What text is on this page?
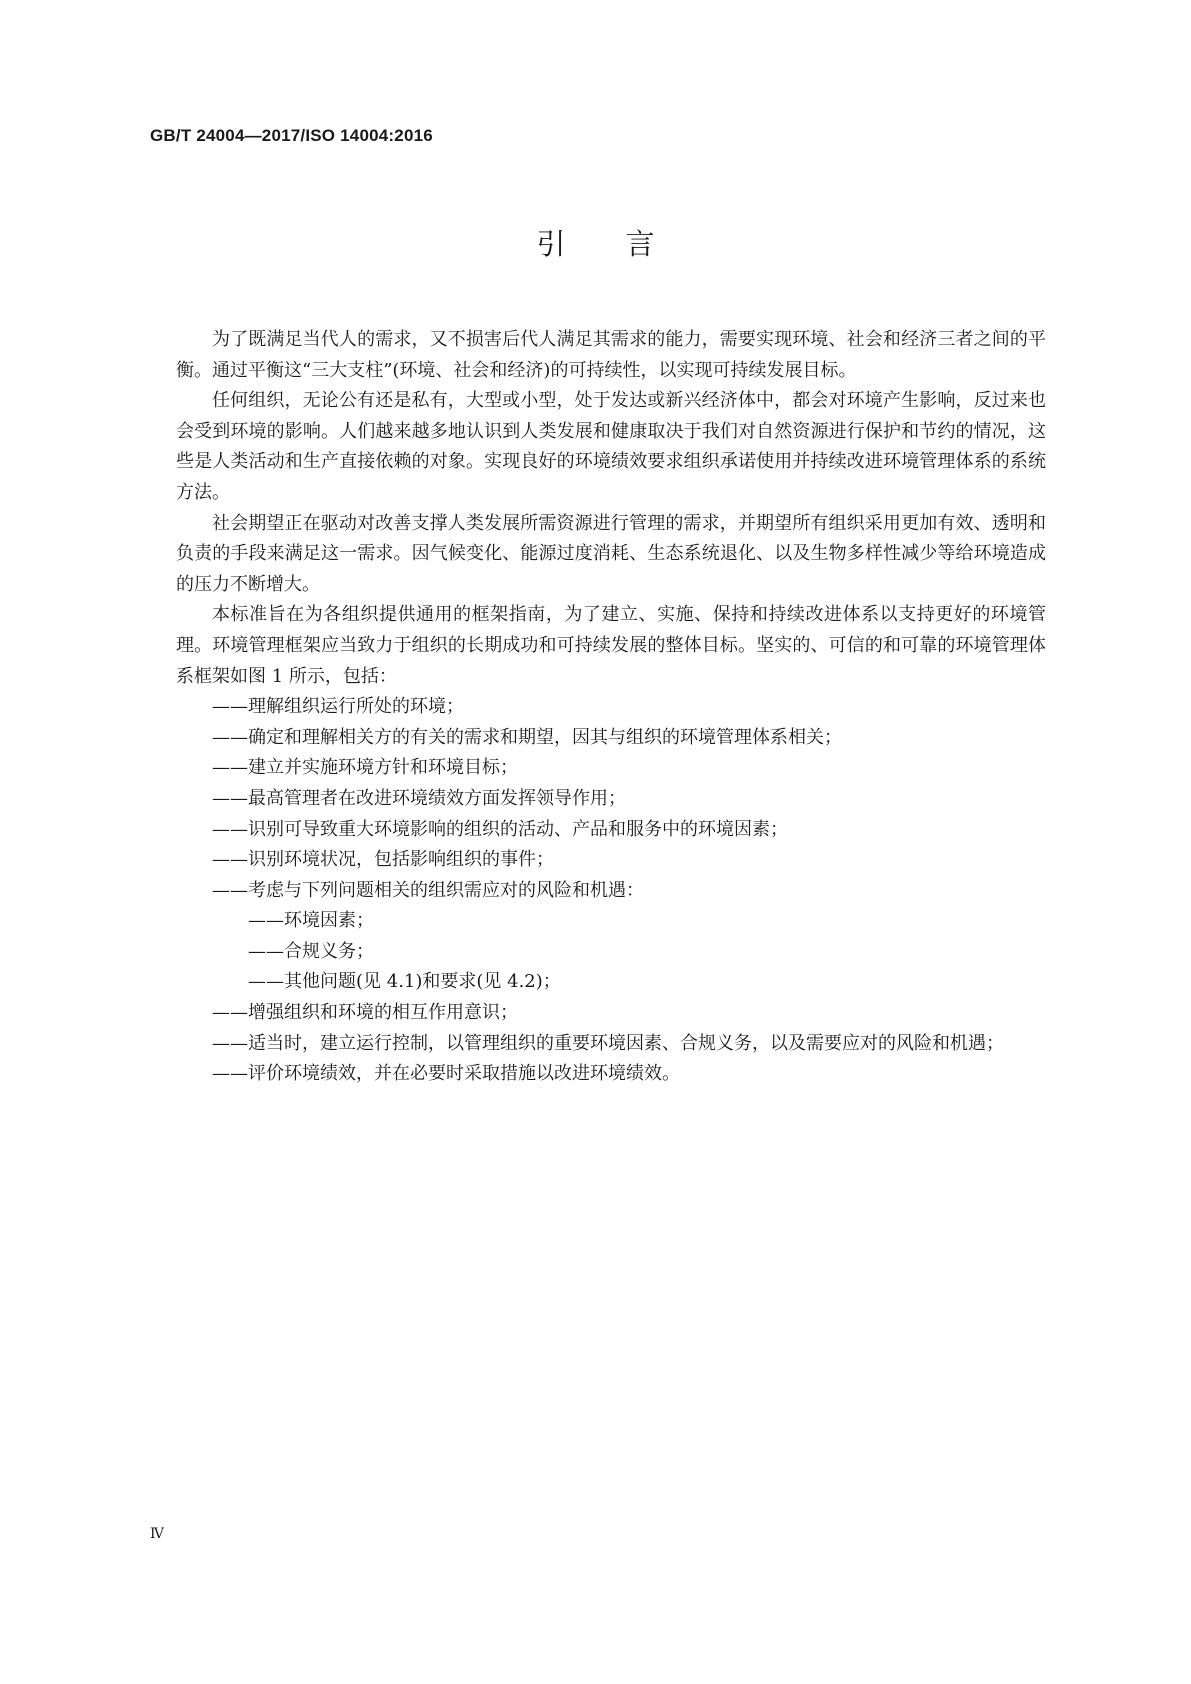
GB/T 24004—2017/ISO 14004:2016
引言

为了既满足当代人的需求，又不损害后代人满足其需求的能力，需要实现环境、社会和经济三者之间的平衡。通过平衡这“三大支柱”(环境、社会和经济)的可持续性，以实现可持续发展目标。

任何组织，无论公有还是私有，大型或小型，处于发达或新兴经济体中，都会对环境产生影响，反过来也会受到环境的影响。人们越来越多地认识到人类发展和健康取决于我们对自然资源进行保护和节约的情况，这些是人类活动和生产直接依赖的对象。实现良好的环境绩效要求组织承诺使用并持续改进环境管理体系的系统方法。

社会期望正在驱动对改善支撑人类发展所需资源进行管理的需求，并期望所有组织采用更加有效、透明和负责的手段来满足这一需求。因气候变化、能源过度消耗、生态系统退化、以及生物多样性减少等给环境造成的压力不断增大。

本标准旨在为各组织提供通用的框架指南，为了建立、实施、保持和持续改进体系以支持更好的环境管理。环境管理框架应当致力于组织的长期成功和可持续发展的整体目标。坚实的、可信的和可靠的环境管理体系框架如图 1 所示，包括：

——理解组织运行所处的环境；

——确定和理解相关方的有关的需求和期望，因其与组织的环境管理体系相关；

——建立并实施环境方针和环境目标；

——最高管理者在改进环境绩效方面发挥领导作用；

——识别可导致重大环境影响的组织的活动、产品和服务中的环境因素；

——识别环境状况，包括影响组织的事件；

——考虑与下列问题相关的组织需应对的风险和机遇：

——环境因素；

——合规义务；

——其他问题(见 4.1)和要求(见 4.2)；

——增强组织和环境的相互作用意识；

——适当时，建立运行控制，以管理组织的重要环境因素、合规义务，以及需要应对的风险和机遇；

——评价环境绩效，并在必要时采取措施以改进环境绩效。

Ⅳ
